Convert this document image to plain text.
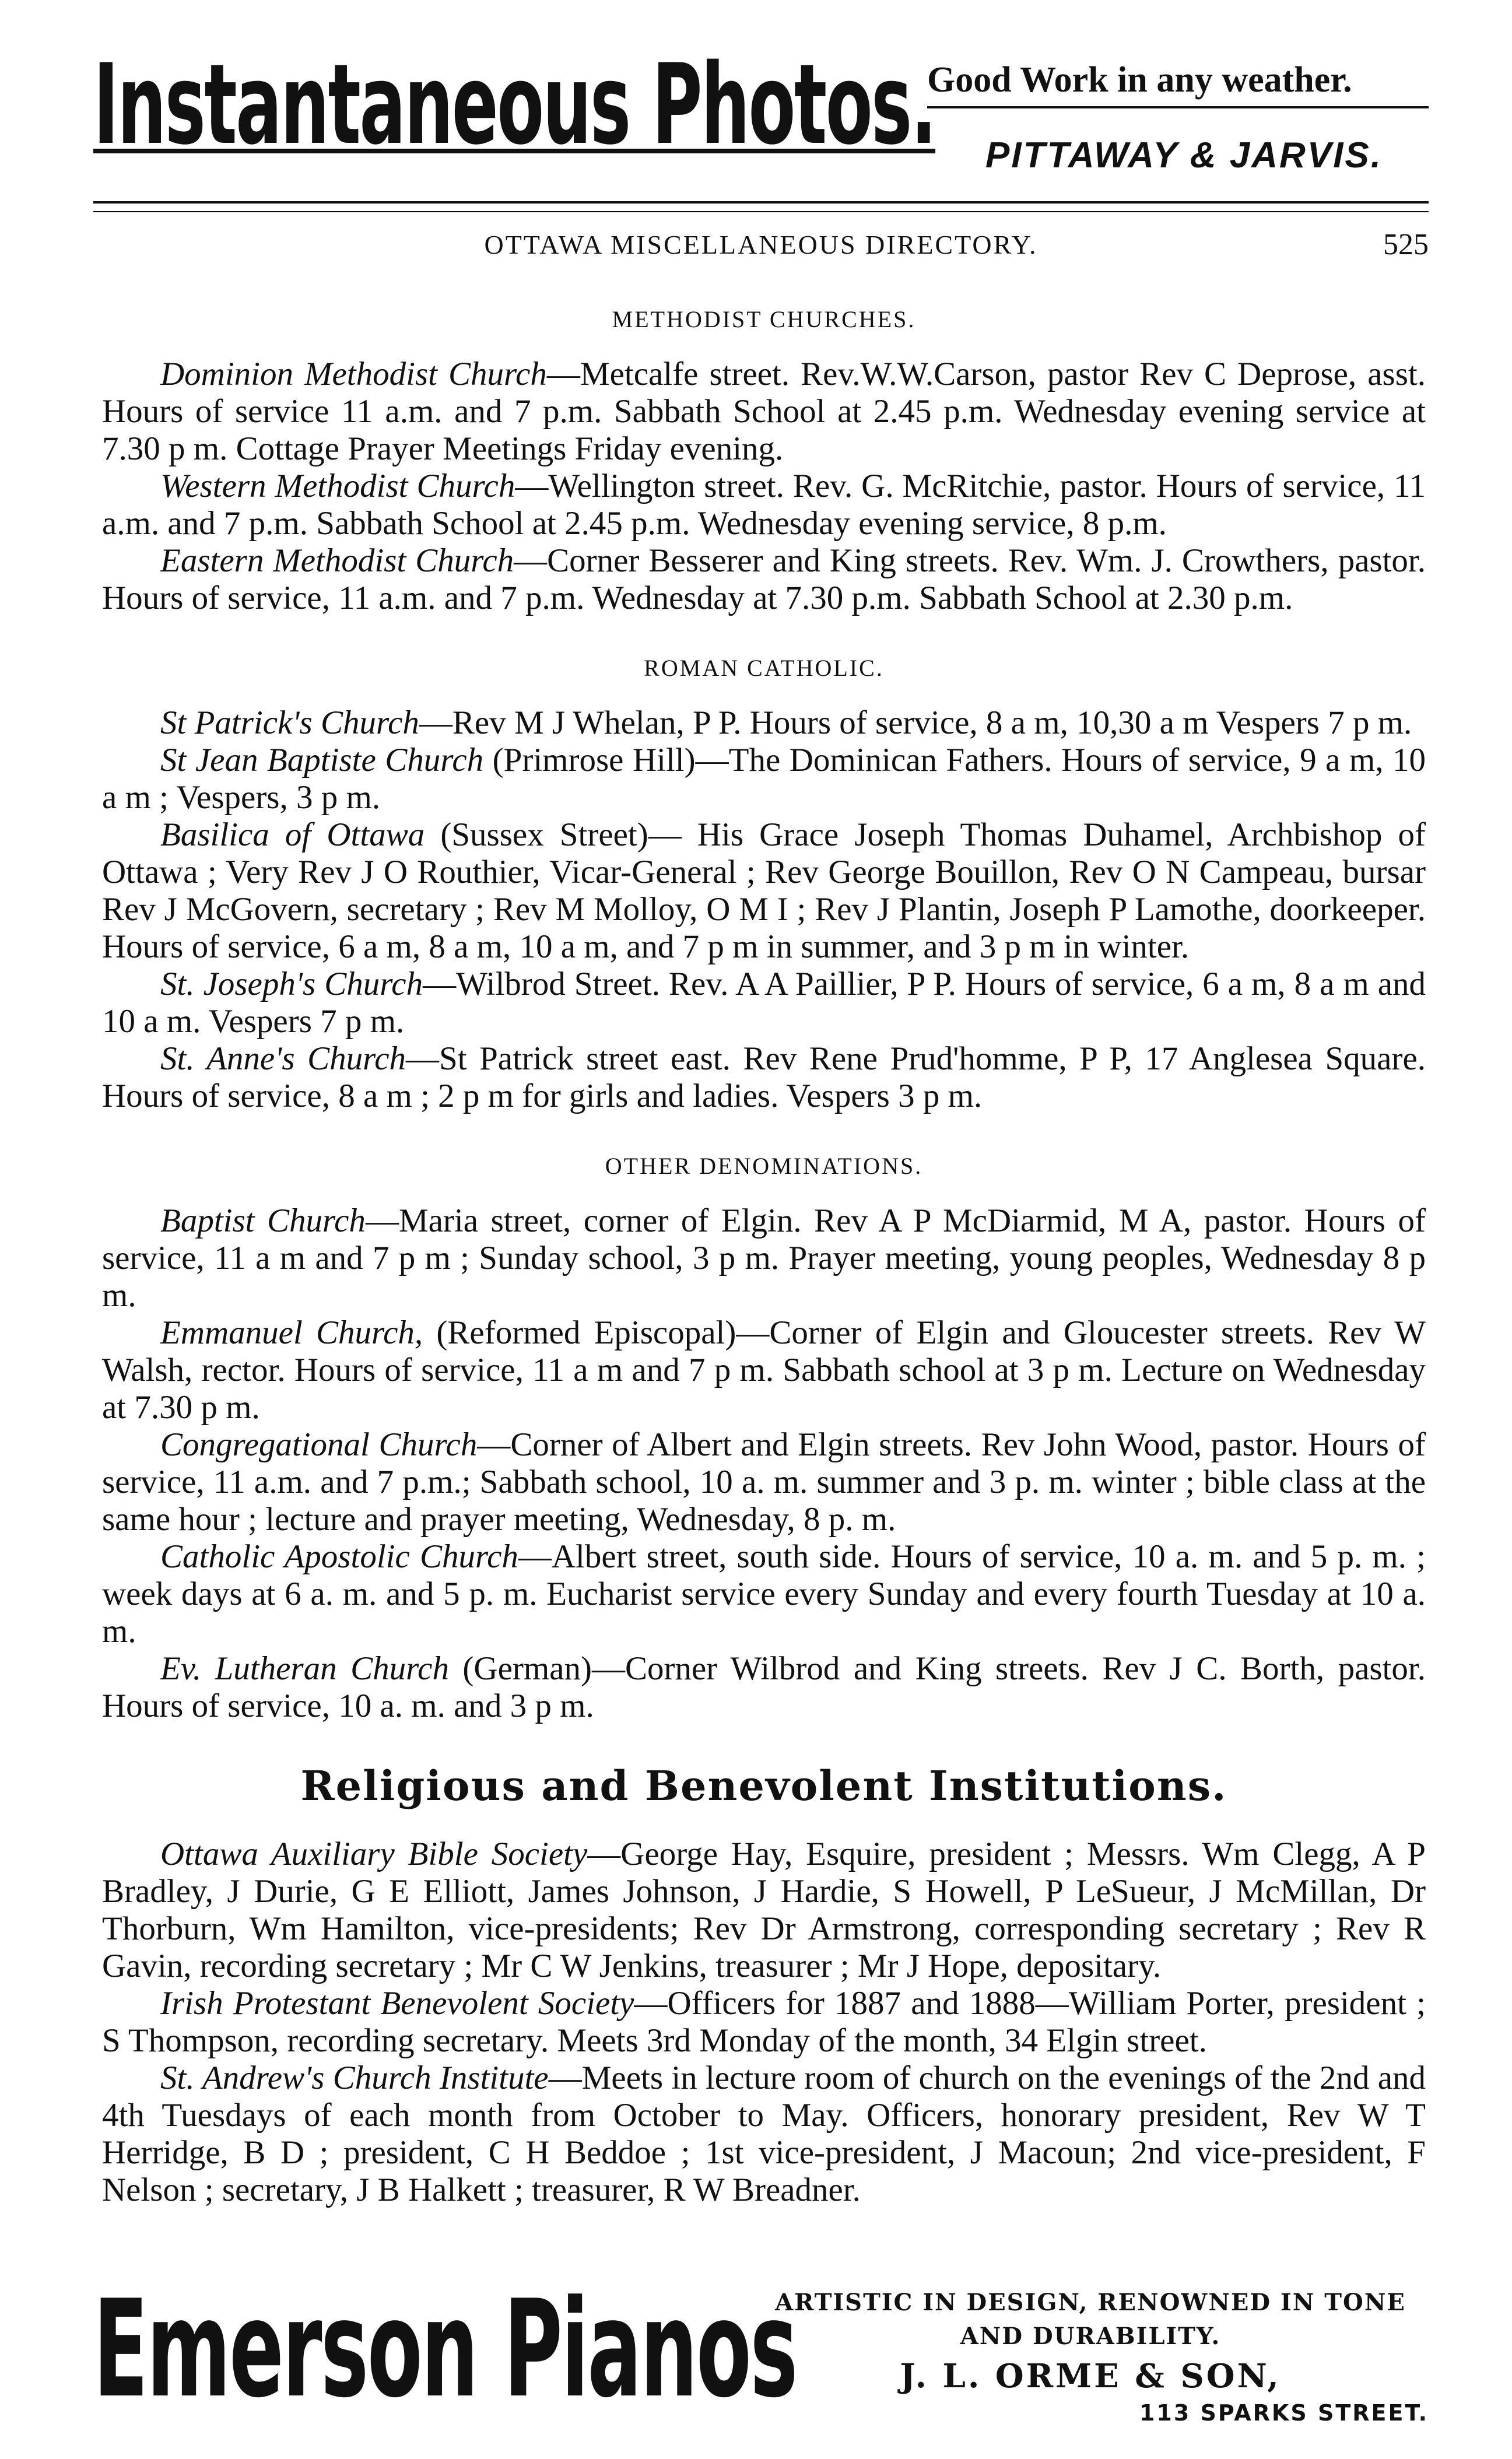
Instantaneous Photos.
Good Work in any weather.
PITTAWAY & JARVIS.
OTTAWA MISCELLANEOUS DIRECTORY.	525
METHODIST CHURCHES.

Dominion Methodist Church—Metcalfe street. Rev.W.W.Carson, pastor Rev C Deprose, asst. Hours of service 11 a.m. and 7 p.m. Sabbath School at 2.45 p.m. Wednesday evening service at 7.30 p m. Cottage Prayer Meetings Friday evening.

Western Methodist Church—Wellington street. Rev. G. McRitchie, pastor. Hours of service, 11 a.m. and 7 p.m. Sabbath School at 2.45 p.m. Wednesday evening service, 8 p.m.

Eastern Methodist Church—Corner Besserer and King streets. Rev. Wm. J. Crowthers, pastor. Hours of service, 11 a.m. and 7 p.m. Wednesday at 7.30 p.m. Sabbath School at 2.30 p.m.

ROMAN CATHOLIC.

St Patrick's Church—Rev M J Whelan, P P. Hours of service, 8 a m, 10,30 a m Vespers 7 p m.

St Jean Baptiste Church (Primrose Hill)—The Dominican Fathers. Hours of service, 9 a m, 10 a m ; Vespers, 3 p m.

Basilica of Ottawa (Sussex Street)— His Grace Joseph Thomas Duhamel, Archbishop of Ottawa ; Very Rev J O Routhier, Vicar-General ; Rev George Bouillon, Rev O N Campeau, bursar Rev J McGovern, secretary ; Rev M Molloy, O M I ; Rev J Plantin, Joseph P Lamothe, doorkeeper. Hours of service, 6 a m, 8 a m, 10 a m, and 7 p m in summer, and 3 p m in winter.

St. Joseph's Church—Wilbrod Street. Rev. A A Paillier, P P. Hours of service, 6 a m, 8 a m and 10 a m. Vespers 7 p m.

St. Anne's Church—St Patrick street east. Rev Rene Prud'homme, P P, 17 Anglesea Square. Hours of service, 8 a m ; 2 p m for girls and ladies. Vespers 3 p m.

OTHER DENOMINATIONS.

Baptist Church—Maria street, corner of Elgin. Rev A P McDiarmid, M A, pastor. Hours of service, 11 a m and 7 p m ; Sunday school, 3 p m. Prayer meeting, young peoples, Wednesday 8 p m.

Emmanuel Church, (Reformed Episcopal)—Corner of Elgin and Gloucester streets. Rev W Walsh, rector. Hours of service, 11 a m and 7 p m. Sabbath school at 3 p m. Lecture on Wednesday at 7.30 p m.

Congregational Church—Corner of Albert and Elgin streets. Rev John Wood, pastor. Hours of service, 11 a.m. and 7 p.m.; Sabbath school, 10 a. m. summer and 3 p. m. winter ; bible class at the same hour ; lecture and prayer meeting, Wednesday, 8 p. m.

Catholic Apostolic Church—Albert street, south side. Hours of service, 10 a. m. and 5 p. m. ; week days at 6 a. m. and 5 p. m. Eucharist service every Sunday and every fourth Tuesday at 10 a. m.

Ev. Lutheran Church (German)—Corner Wilbrod and King streets. Rev J C. Borth, pastor. Hours of service, 10 a. m. and 3 p m.

Religious and Benevolent Institutions.

Ottawa Auxiliary Bible Society—George Hay, Esquire, president ; Messrs. Wm Clegg, A P Bradley, J Durie, G E Elliott, James Johnson, J Hardie, S Howell, P LeSueur, J McMillan, Dr Thorburn, Wm Hamilton, vice-presidents; Rev Dr Armstrong, corresponding secretary ; Rev R Gavin, recording secretary ; Mr C W Jenkins, treasurer ; Mr J Hope, depositary.

Irish Protestant Benevolent Society—Officers for 1887 and 1888—William Porter, president ; S Thompson, recording secretary. Meets 3rd Monday of the month, 34 Elgin street.

St. Andrew's Church Institute—Meets in lecture room of church on the evenings of the 2nd and 4th Tuesdays of each month from October to May. Officers, honorary president, Rev W T Herridge, B D ; president, C H Beddoe ; 1st vice-president, J Macoun; 2nd vice-president, F Nelson ; secretary, J B Halkett ; treasurer, R W Breadner.

Emerson Pianos
ARTISTIC IN DESIGN, RENOWNED IN TONE
AND DURABILITY.
J. L. ORME & SON,
113 SPARKS STREET.
